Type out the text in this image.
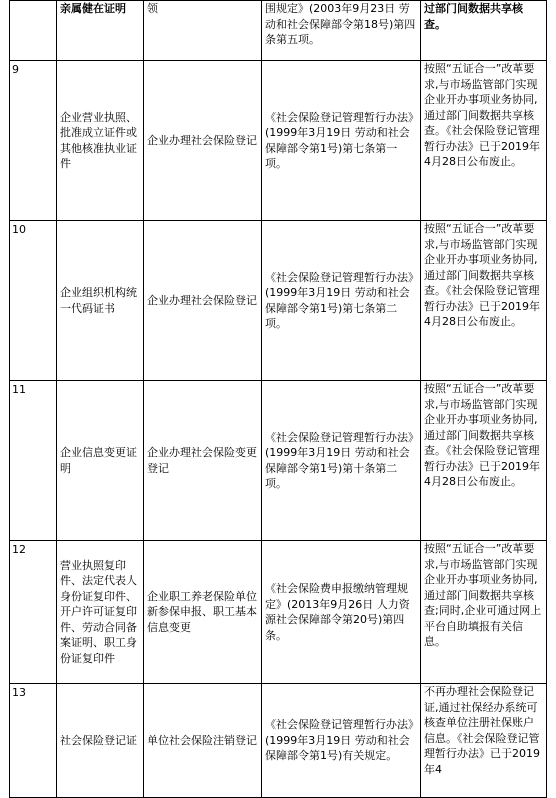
	亲属健在证明	领	围规定》(2003年9月23日 劳动和社会保障部令第18号)第四条第五项。	过部门间数据共享核查。
9	企业营业执照、批准成立证件或其他核准执业证件	企业办理社会保险登记	《社会保险登记管理暂行办法》(1999年3月19日 劳动和社会保障部令第1号)第七条第一项。	按照“五证合一”改革要求,与市场监管部门实现企业开办事项业务协同,通过部门间数据共享核查。《社会保险登记管理暂行办法》已于2019年4月28日公布废止。
10	企业组织机构统一代码证书	企业办理社会保险登记	《社会保险登记管理暂行办法》(1999年3月19日 劳动和社会保障部令第1号)第七条第二项。	按照“五证合一”改革要求,与市场监管部门实现企业开办事项业务协同,通过部门间数据共享核查。《社会保险登记管理暂行办法》已于2019年4月28日公布废止。
11	企业信息变更证明	企业办理社会保险变更登记	《社会保险登记管理暂行办法》(1999年3月19日 劳动和社会保障部令第1号)第十条第二项。	按照“五证合一”改革要求,与市场监管部门实现企业开办事项业务协同,通过部门间数据共享核查。《社会保险登记管理暂行办法》已于2019年4月28日公布废止。
12	营业执照复印件、法定代表人身份证复印件、开户许可证复印件、劳动合同备案证明、职工身份证复印件	企业职工养老保险单位新参保申报、职工基本信息变更	《社会保险费申报缴纳管理规定》(2013年9月26日 人力资源社会保障部令第20号)第四条。	按照“五证合一”改革要求,与市场监管部门实现企业开办事项业务协同,通过部门间数据共享核查;同时,企业可通过网上平台自助填报有关信息。
13	社会保险登记证	单位社会保险注销登记	《社会保险登记管理暂行办法》(1999年3月19日 劳动和社会保障部令第1号)有关规定。	不再办理社会保险登记证,通过社保经办系统可核查单位注册社保账户信息。《社会保险登记管理暂行办法》已于2019年4
